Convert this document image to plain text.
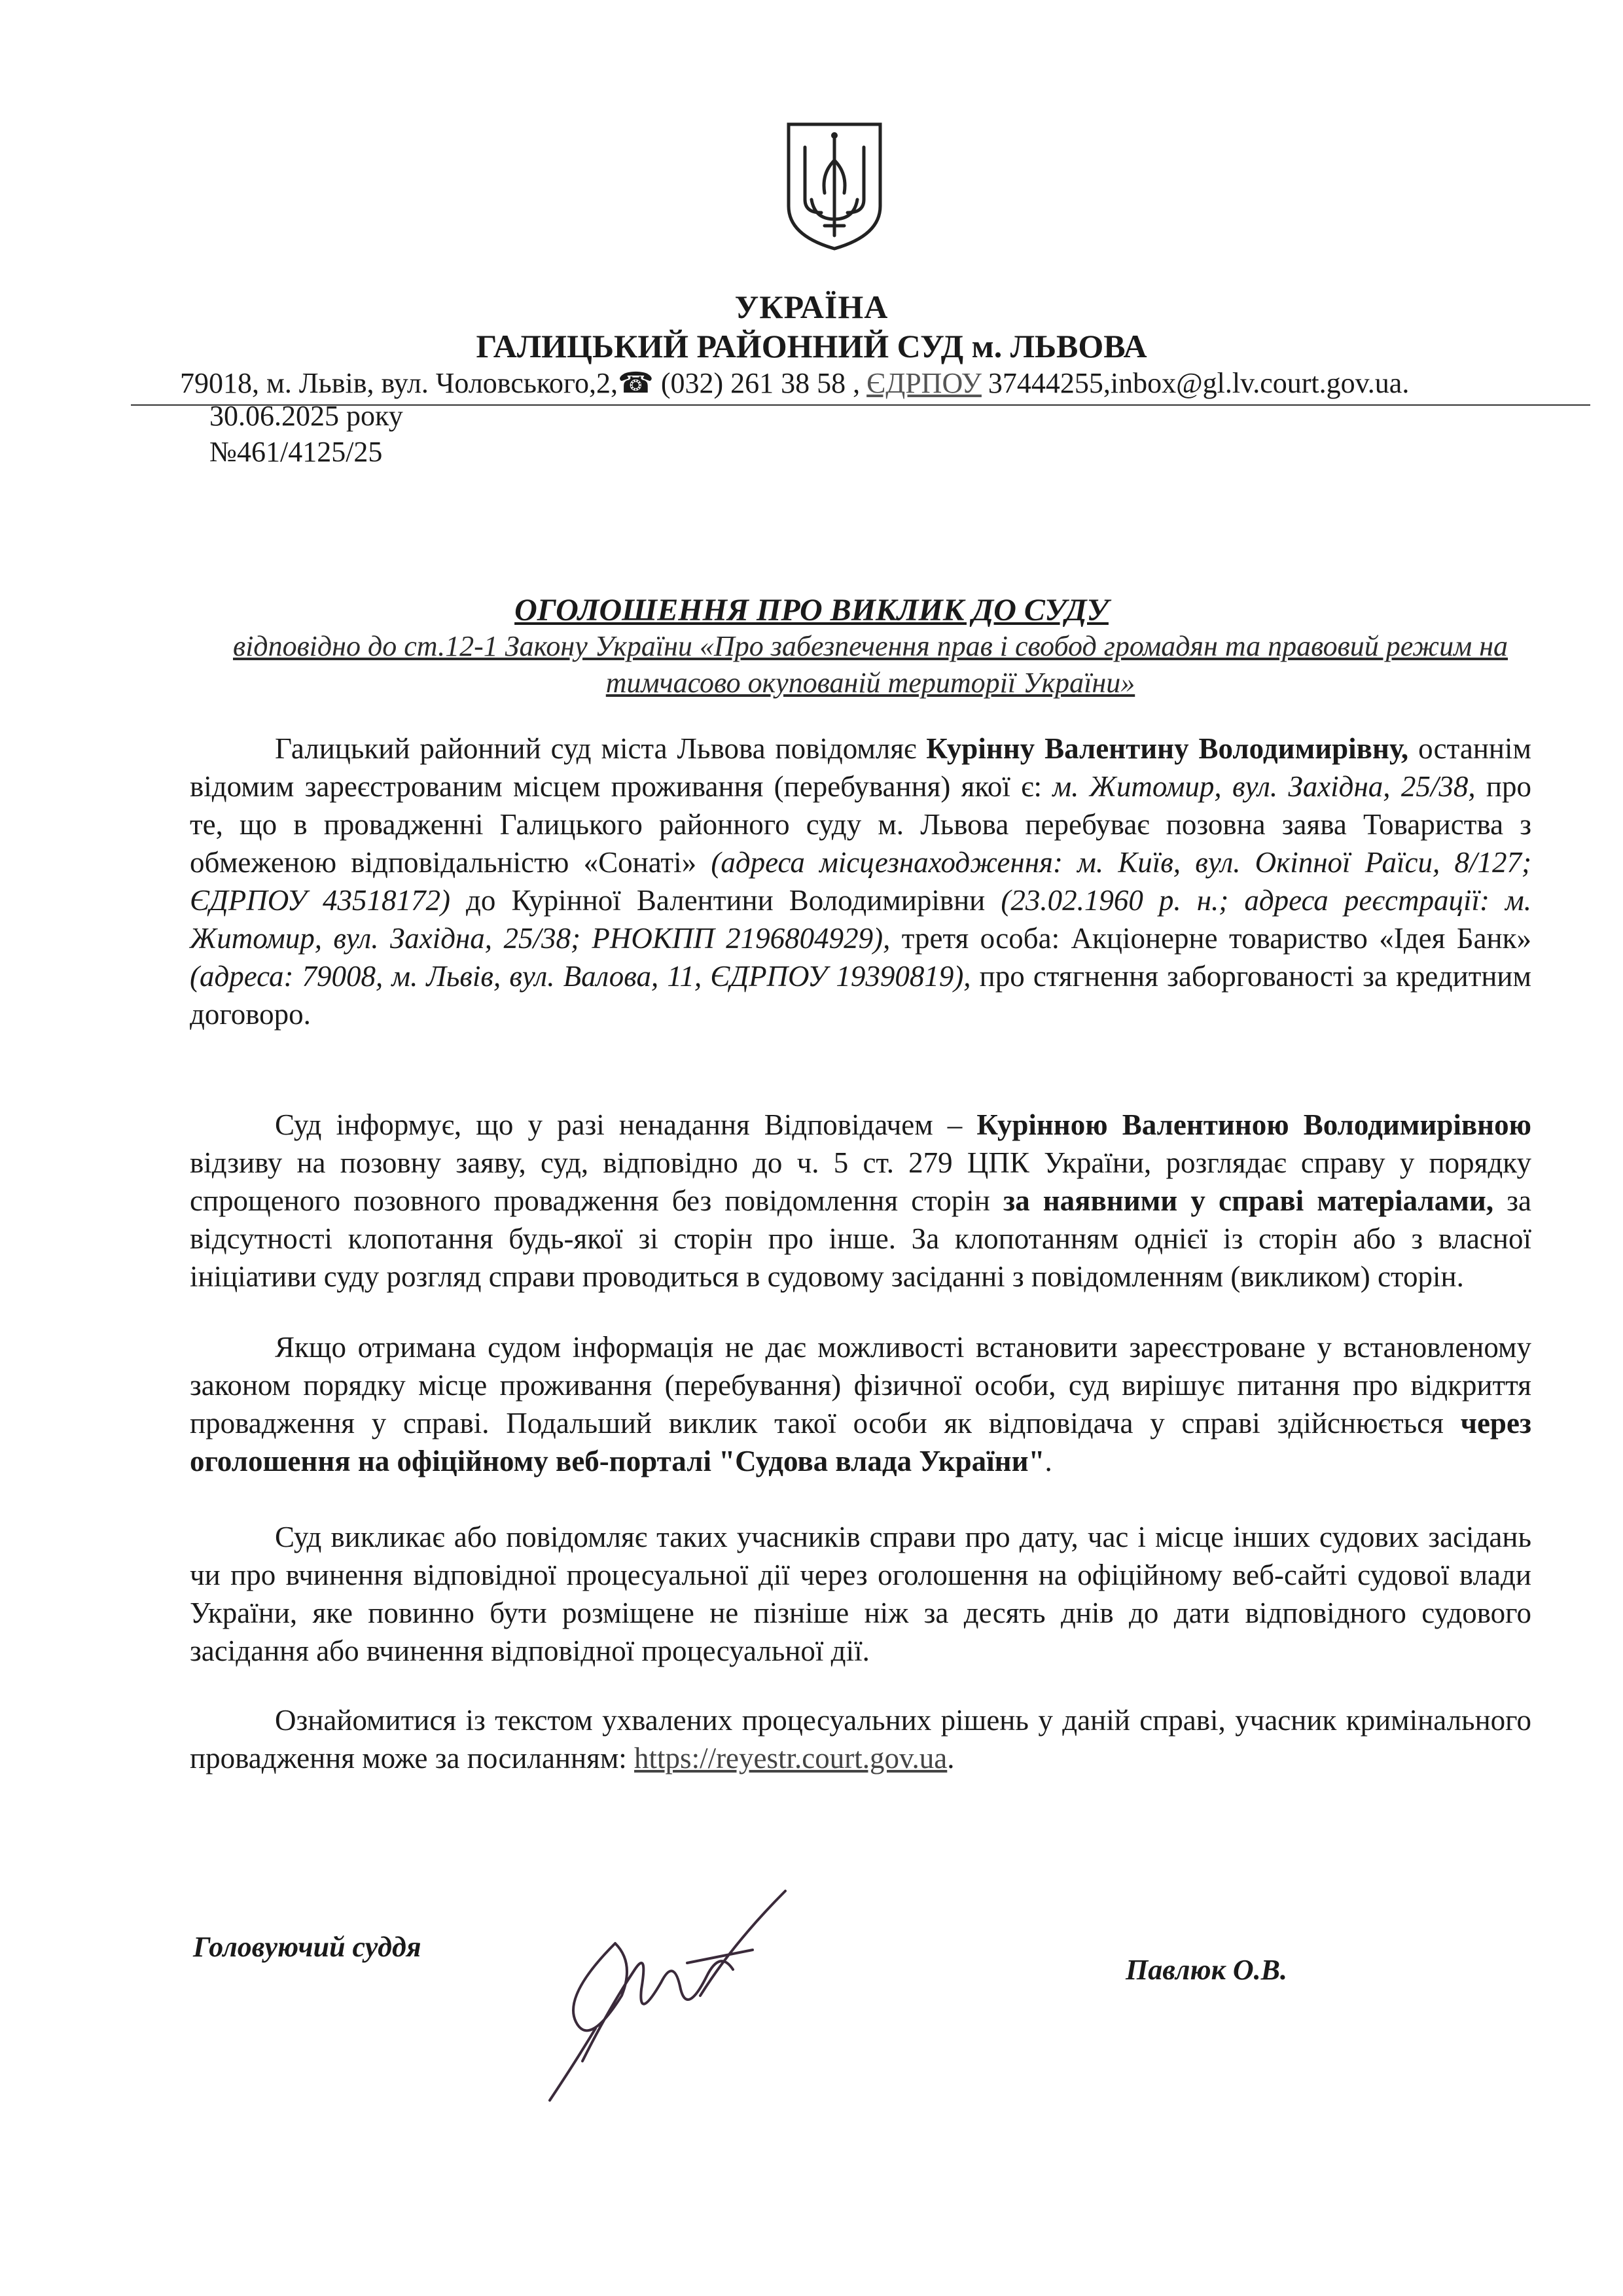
УКРАЇНА
ГАЛИЦЬКИЙ РАЙОННИЙ СУД м. ЛЬВОВА
79018, м. Львів, вул. Чоловського,2,☎ (032) 261 38 58 , ЄДРПОУ 37444255,inbox@gl.lv.court.gov.ua.
30.06.2025 року
№461/4125/25
ОГОЛОШЕННЯ ПРО ВИКЛИК ДО СУДУ
відповідно до ст.12-1 Закону України «Про забезпечення прав і свобод громадян та правовий режим на тимчасово окупованій території України»
Галицький районний суд міста Львова повідомляє Курінну Валентину Володимирівну, останнім відомим зареєстрованим місцем проживання (перебування) якої є: м. Житомир, вул. Західна, 25/38, про те, що в провадженні Галицького районного суду м. Львова перебуває позовна заява Товариства з обмеженою відповідальністю «Сонаті» (адреса місцезнаходження: м. Київ, вул. Окіпної Раїси, 8/127; ЄДРПОУ 43518172) до Курінної Валентини Володимирівни (23.02.1960 р. н.; адреса реєстрації: м. Житомир, вул. Західна, 25/38; РНОКПП 2196804929), третя особа: Акціонерне товариство «Ідея Банк» (адреса: 79008, м. Львів, вул. Валова, 11, ЄДРПОУ 19390819), про стягнення заборгованості за кредитним договоро.
Суд інформує, що у разі ненадання Відповідачем – Курінною Валентиною Володимирівною відзиву на позовну заяву, суд, відповідно до ч. 5 ст. 279 ЦПК України, розглядає справу у порядку спрощеного позовного провадження без повідомлення сторін за наявними у справі матеріалами, за відсутності клопотання будь-якої зі сторін про інше. За клопотанням однієї із сторін або з власної ініціативи суду розгляд справи проводиться в судовому засіданні з повідомленням (викликом) сторін.
Якщо отримана судом інформація не дає можливості встановити зареєстроване у встановленому законом порядку місце проживання (перебування) фізичної особи, суд вирішує питання про відкриття провадження у справі. Подальший виклик такої особи як відповідача у справі здійснюється через оголошення на офіційному веб-порталі "Судова влада України".
Суд викликає або повідомляє таких учасників справи про дату, час і місце інших судових засідань чи про вчинення відповідної процесуальної дії через оголошення на офіційному веб-сайті судової влади України, яке повинно бути розміщене не пізніше ніж за десять днів до дати відповідного судового засідання або вчинення відповідної процесуальної дії.
Ознайомитися із текстом ухвалених процесуальних рішень у даній справі, учасник кримінального провадження може за посиланням: https://reyestr.court.gov.ua.
Головуючий суддя
Павлюк О.В.
